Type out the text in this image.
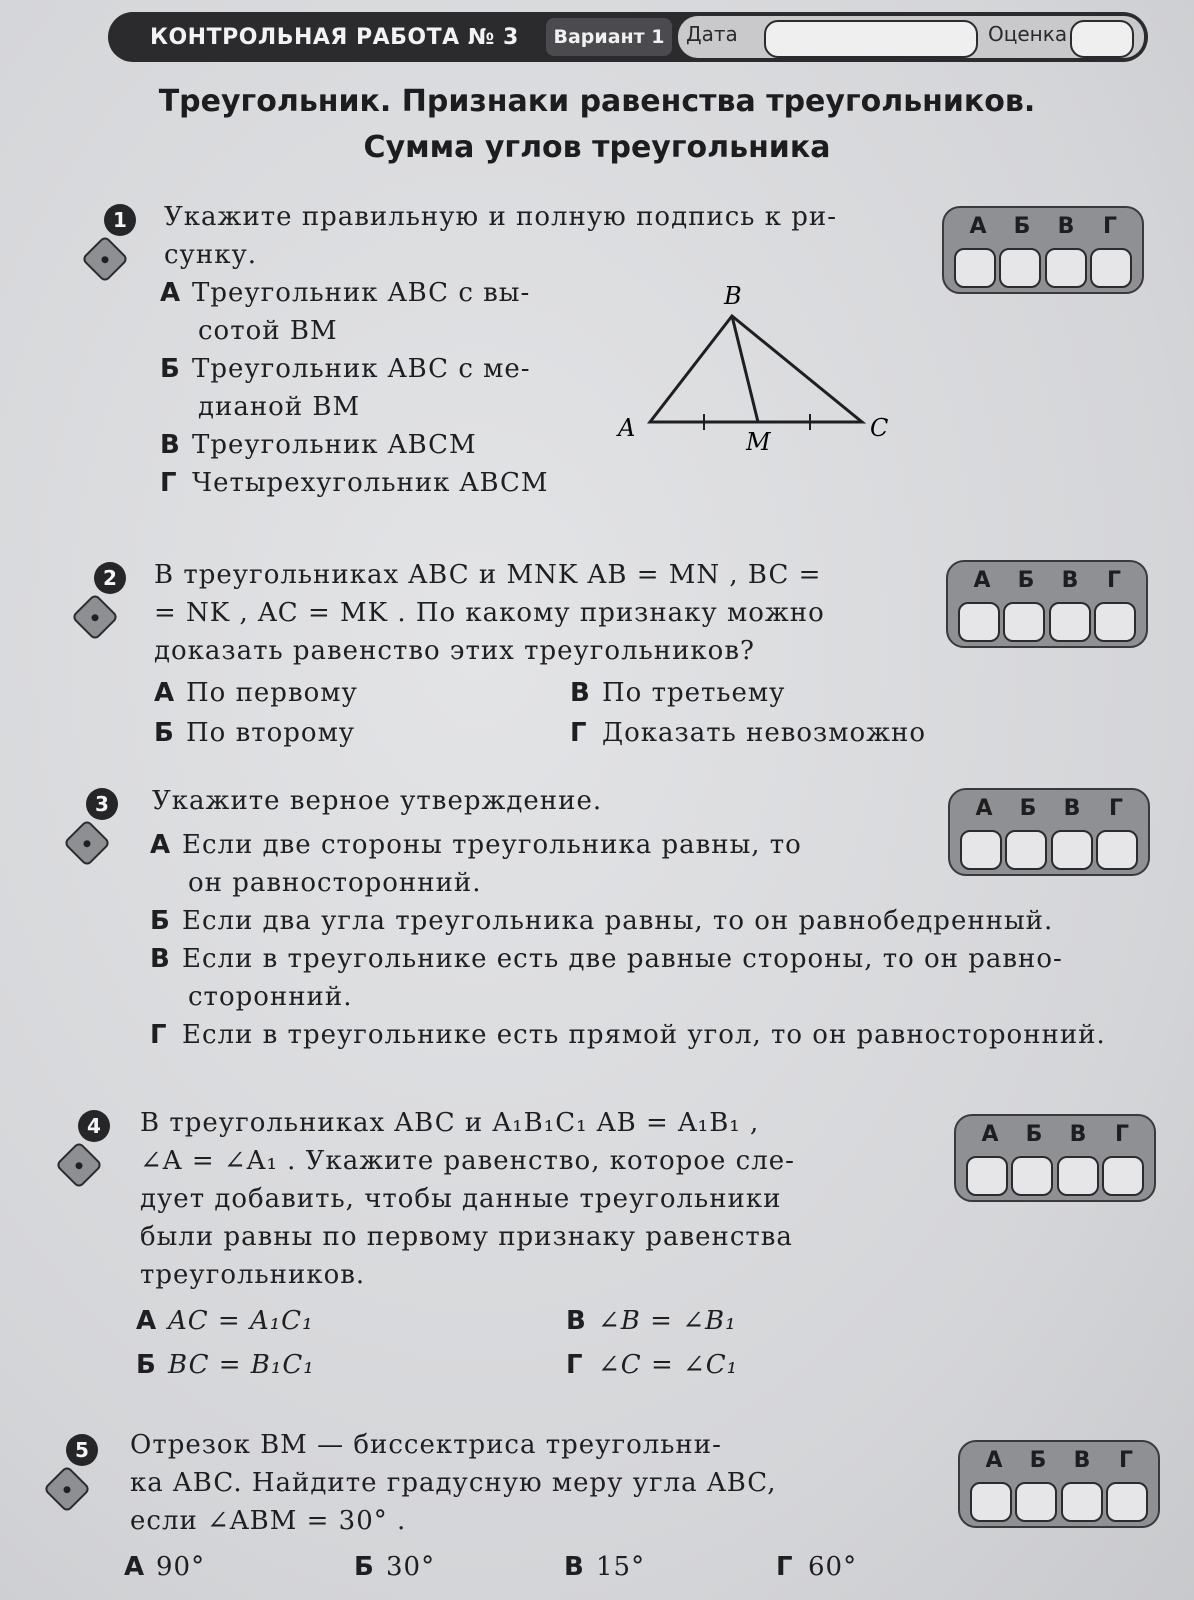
КОНТРОЛЬНАЯ РАБОТА № 3	Вариант 1	Дата	Оценка
Треугольник. Признаки равенства треугольников.
Сумма углов треугольника
1	Укажите правильную и полную подпись к ри-
сунку.
А Треугольник ABC с вы-
сотой BM
Б Треугольник ABC с ме-
дианой BM
В Треугольник ABCM
Г Четырехугольник ABCM
A
B
C
M
А	Б	В	Г
2	В треугольниках ABC и MNK AB = MN , BC =
= NK , AC = MK . По какому признаку можно
доказать равенство этих треугольников?
А По первому
Б По второму
В По третьему
Г Доказать невозможно
А	Б	В	Г
3	Укажите верное утверждение.
А Если две стороны треугольника равны, то
он равносторонний.
Б Если два угла треугольника равны, то он равнобедренный.
В Если в треугольнике есть две равные стороны, то он равно-
сторонний.
Г Если в треугольнике есть прямой угол, то он равносторонний.
А	Б	В	Г
4	В треугольниках ABC и A₁B₁C₁ AB = A₁B₁ ,
∠A = ∠A₁ . Укажите равенство, которое сле-
дует добавить, чтобы данные треугольники
были равны по первому признаку равенства
треугольников.
А AC = A₁C₁
Б BC = B₁C₁
В ∠B = ∠B₁
Г ∠C = ∠C₁
А	Б	В	Г
5	Отрезок BM — биссектриса треугольни-
ка ABC. Найдите градусную меру угла ABC,
если ∠ABM = 30° .
А 90°	Б 30°	В 15°	Г 60°
А	Б	В	Г
